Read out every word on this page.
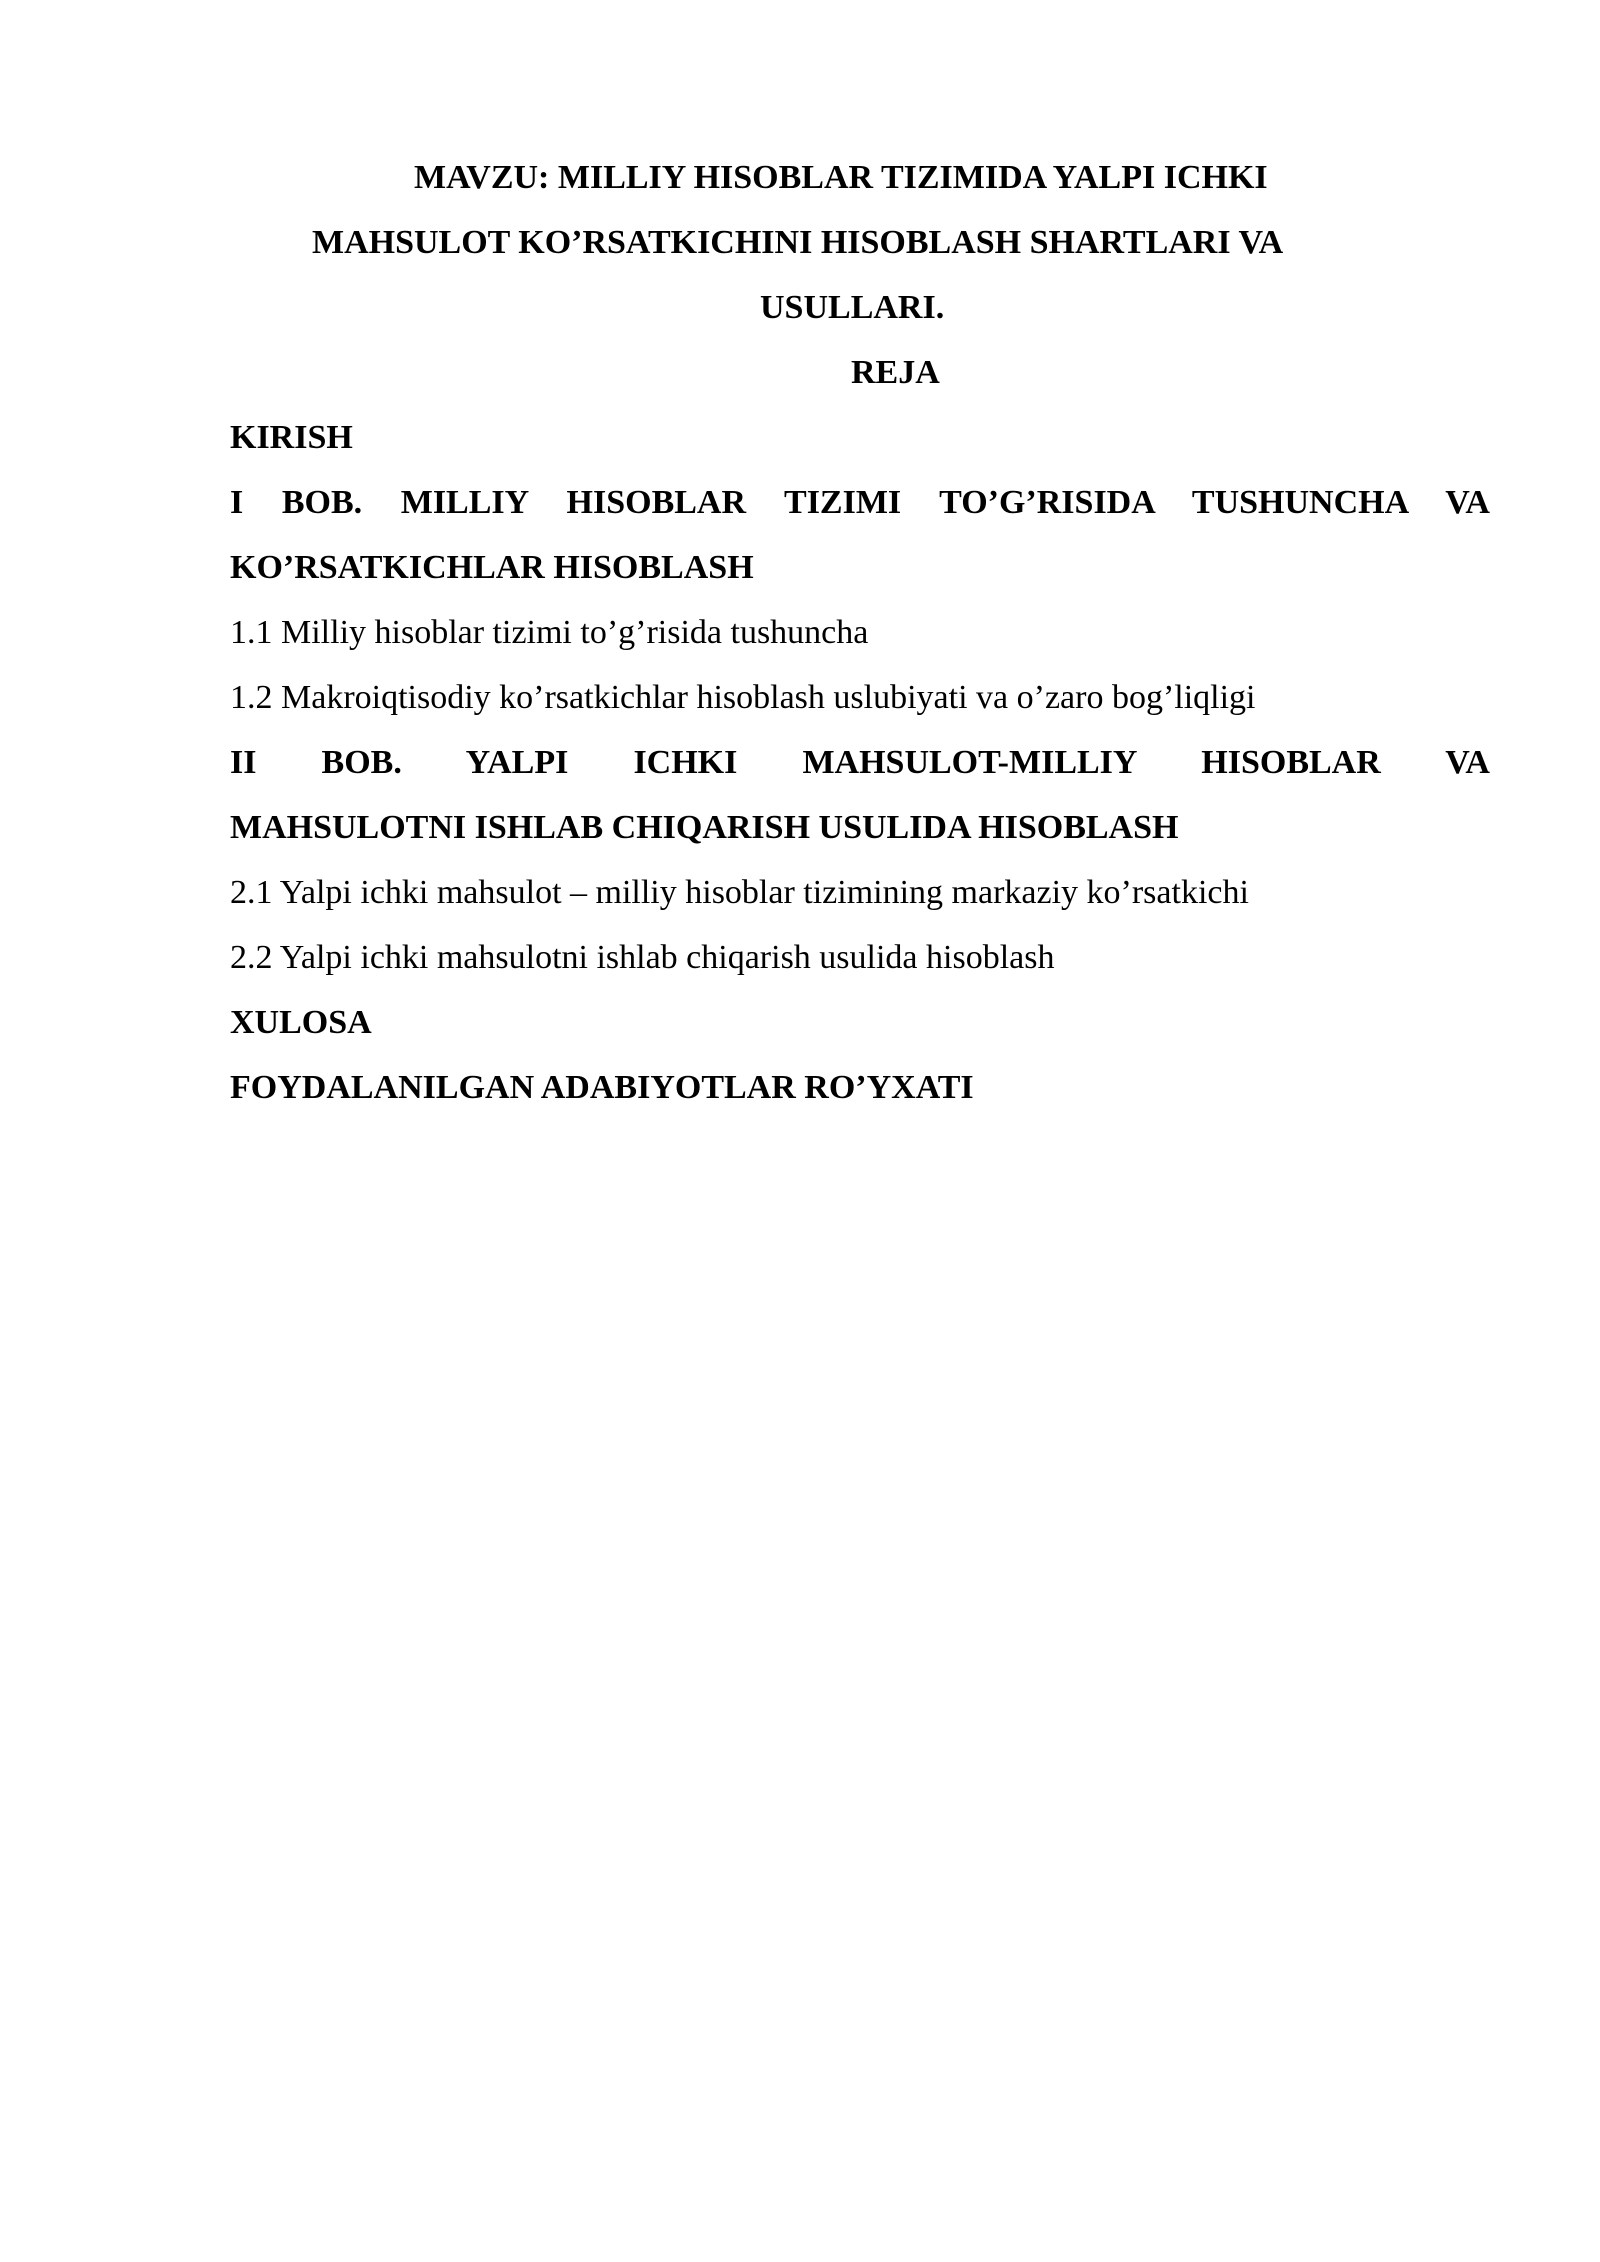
MAVZU: MILLIY HISOBLAR TIZIMIDA YALPI ICHKI
MAHSULOT KO’RSATKICHINI HISOBLASH SHARTLARI VA
USULLARI.
REJA
KIRISH
I BOB. MILLIY HISOBLAR TIZIMI TO’G’RISIDA TUSHUNCHA VA
KO’RSATKICHLAR HISOBLASH
1.1 Milliy hisoblar tizimi to’g’risida tushuncha
1.2 Makroiqtisodiy ko’rsatkichlar hisoblash uslubiyati va o’zaro bog’liqligi
II BOB. YALPI ICHKI MAHSULOT-MILLIY HISOBLAR VA
MAHSULOTNI ISHLAB CHIQARISH USULIDA HISOBLASH
2.1 Yalpi ichki mahsulot – milliy hisoblar tizimining markaziy ko’rsatkichi
2.2 Yalpi ichki mahsulotni ishlab chiqarish usulida hisoblash
XULOSA
FOYDALANILGAN ADABIYOTLAR RO’YXATI
